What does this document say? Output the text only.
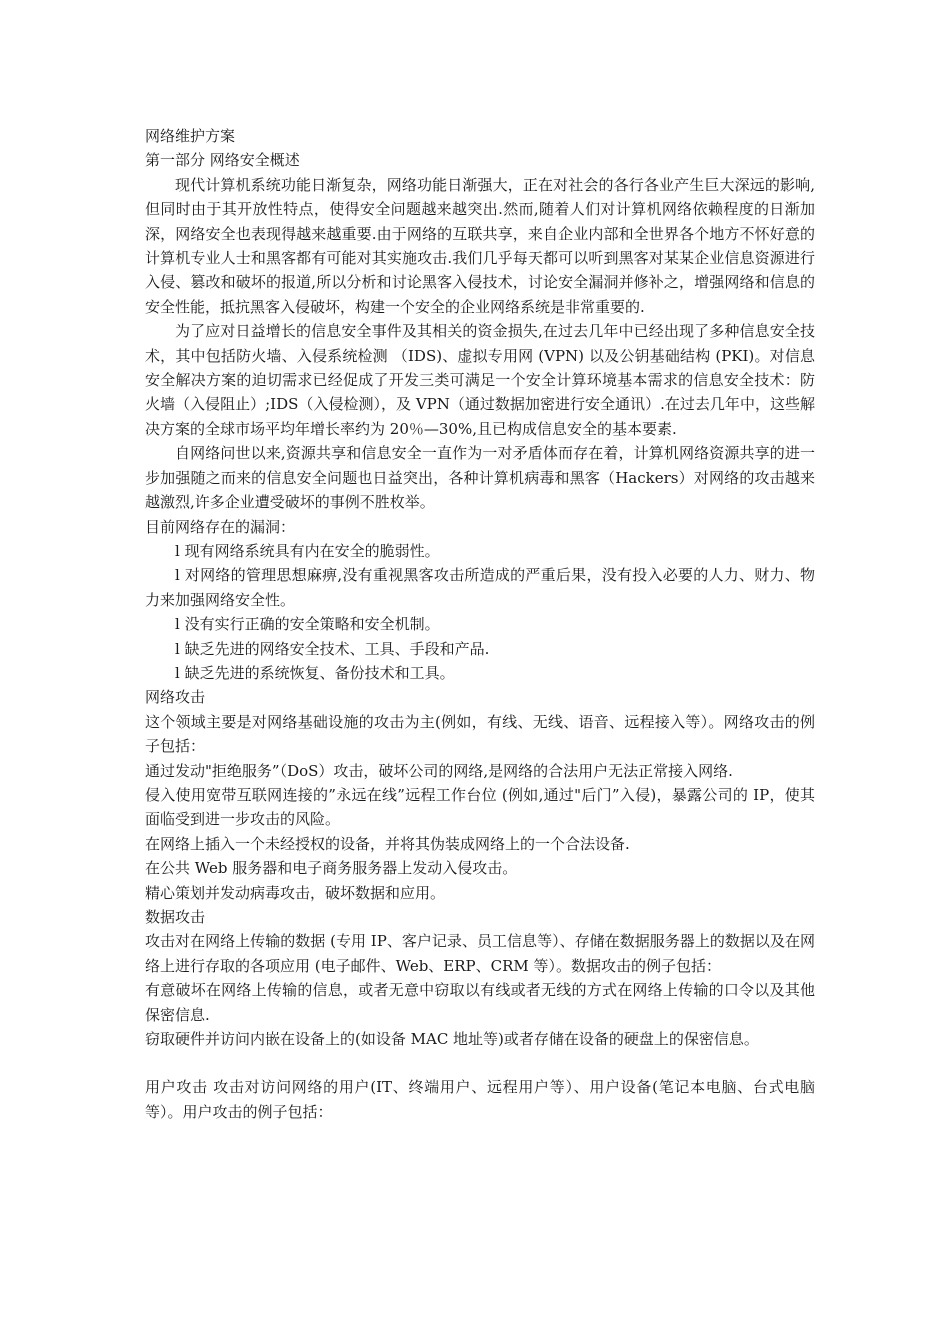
网络维护方案

第一部分 网络安全概述

现代计算机系统功能日渐复杂，网络功能日渐强大，正在对社会的各行各业产生巨大深远的影响,但同时由于其开放性特点，使得安全问题越来越突出.然而,随着人们对计算机网络依赖程度的日渐加深，网络安全也表现得越来越重要.由于网络的互联共享，来自企业内部和全世界各个地方不怀好意的计算机专业人士和黑客都有可能对其实施攻击.我们几乎每天都可以听到黑客对某某企业信息资源进行入侵、篡改和破坏的报道,所以分析和讨论黑客入侵技术，讨论安全漏洞并修补之，增强网络和信息的安全性能，抵抗黑客入侵破坏，构建一个安全的企业网络系统是非常重要的.

为了应对日益增长的信息安全事件及其相关的资金损失,在过去几年中已经出现了多种信息安全技术，其中包括防火墙、入侵系统检测 （IDS)、虚拟专用网 (VPN) 以及公钥基础结构 (PKI)。对信息安全解决方案的迫切需求已经促成了开发三类可满足一个安全计算环境基本需求的信息安全技术：防火墙（入侵阻止）;IDS（入侵检测），及 VPN（通过数据加密进行安全通讯）.在过去几年中，这些解决方案的全球市场平均年增长率约为 20％—30%,且已构成信息安全的基本要素.

自网络问世以来,资源共享和信息安全一直作为一对矛盾体而存在着，计算机网络资源共享的进一步加强随之而来的信息安全问题也日益突出，各种计算机病毒和黑客（Hackers）对网络的攻击越来越激烈,许多企业遭受破坏的事例不胜枚举。

目前网络存在的漏洞：

l 现有网络系统具有内在安全的脆弱性。

l 对网络的管理思想麻痹,没有重视黑客攻击所造成的严重后果，没有投入必要的人力、财力、物力来加强网络安全性。

l 没有实行正确的安全策略和安全机制。

l 缺乏先进的网络安全技术、工具、手段和产品.

l 缺乏先进的系统恢复、备份技术和工具。

网络攻击

这个领域主要是对网络基础设施的攻击为主(例如，有线、无线、语音、远程接入等）。网络攻击的例子包括：

通过发动"拒绝服务”（DoS）攻击，破坏公司的网络,是网络的合法用户无法正常接入网络.

侵入使用宽带互联网连接的”永远在线”远程工作台位 (例如,通过"后门”入侵)，暴露公司的 IP，使其面临受到进一步攻击的风险。

在网络上插入一个未经授权的设备，并将其伪装成网络上的一个合法设备.

在公共 Web 服务器和电子商务服务器上发动入侵攻击。

精心策划并发动病毒攻击，破坏数据和应用。

数据攻击

攻击对在网络上传输的数据 (专用 IP、客户记录、员工信息等）、存储在数据服务器上的数据以及在网络上进行存取的各项应用 (电子邮件、Web、ERP、CRM 等）。数据攻击的例子包括：

有意破坏在网络上传输的信息，或者无意中窃取以有线或者无线的方式在网络上传输的口令以及其他保密信息.

窃取硬件并访问内嵌在设备上的(如设备 MAC 地址等)或者存储在设备的硬盘上的保密信息。

用户攻击 攻击对访问网络的用户(IT、终端用户、远程用户等）、用户设备(笔记本电脑、台式电脑等）。用户攻击的例子包括：
